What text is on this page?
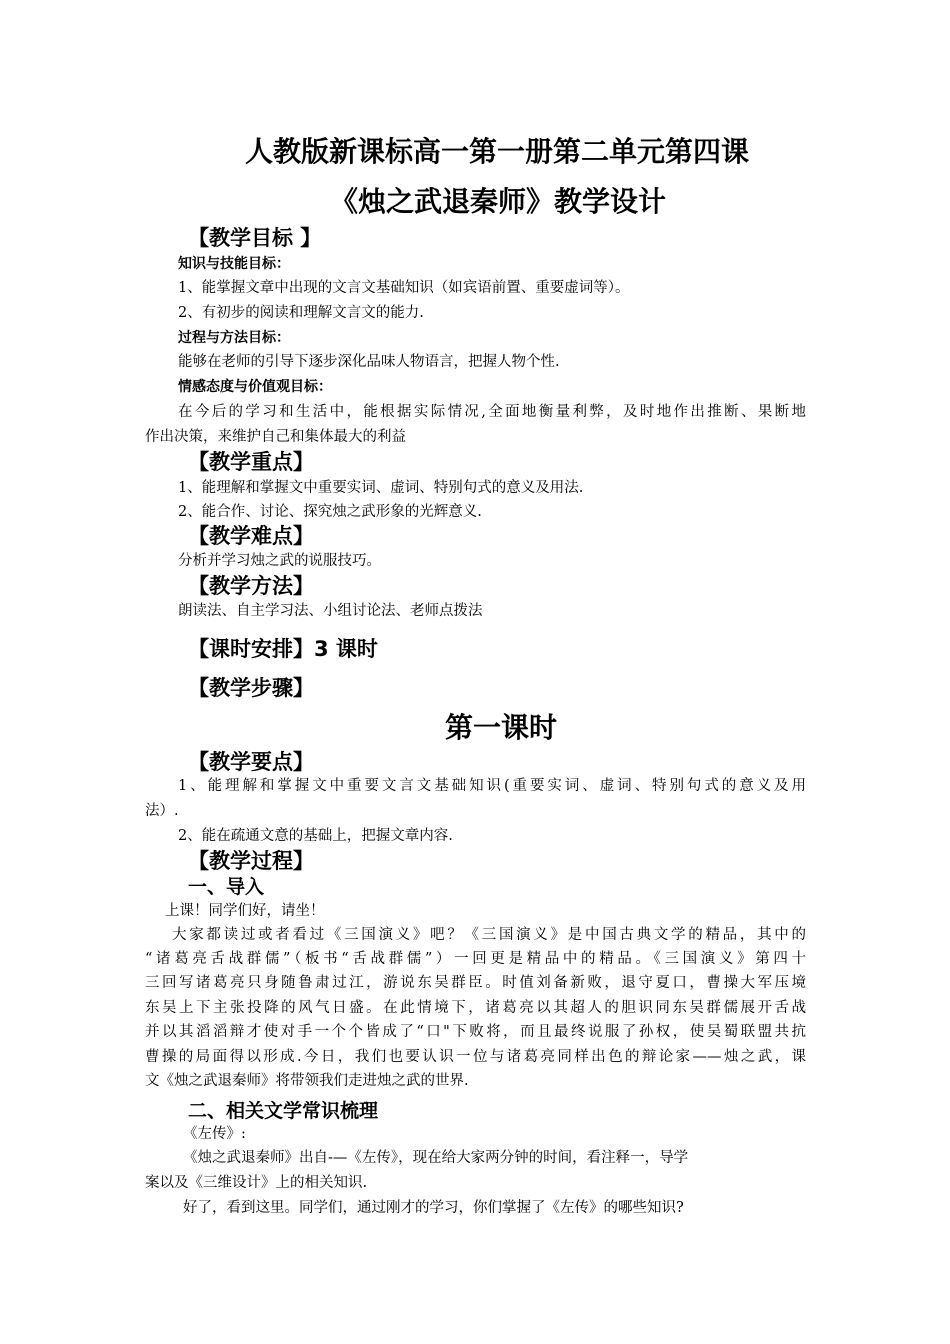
人教版新课标高一第一册第二单元第四课
《烛之武退秦师》教学设计
【教学目标 】
知识与技能目标：
1、能掌握文章中出现的文言文基础知识（如宾语前置、重要虚词等）。
2、有初步的阅读和理解文言文的能力.
过程与方法目标：
能够在老师的引导下逐步深化品味人物语言，把握人物个性.
情感态度与价值观目标：
在今后的学习和生活中，能根据实际情况,全面地衡量利弊，及时地作出推断、果断地
作出决策，来维护自己和集体最大的利益
【教学重点】
1、能理解和掌握文中重要实词、虚词、特别句式的意义及用法.
2、能合作、讨论、探究烛之武形象的光辉意义.
【教学难点】
分析并学习烛之武的说服技巧。
【教学方法】
朗读法、自主学习法、小组讨论法、老师点拨法
【课时安排】3 课时
【教学步骤】
第一课时
【教学要点】
1、能理解和掌握文中重要文言文基础知识(重要实词、虚词、特别句式的意义及用
法）.
2、能在疏通文意的基础上，把握文章内容.
【教学过程】
一、导入
上课！同学们好，请坐！
大家都读过或者看过《三国演义》吧？《三国演义》是中国古典文学的精品，其中的
“诸葛亮舌战群儒”（板书“舌战群儒”）一回更是精品中的精品。《三国演义》第四十
三回写诸葛亮只身随鲁肃过江，游说东吴群臣。时值刘备新败，退守夏口，曹操大军压境
东吴上下主张投降的风气日盛。在此情境下，诸葛亮以其超人的胆识同东吴群儒展开舌战
并以其滔滔辩才使对手一个个皆成了“口"下败将，而且最终说服了孙权，使吴蜀联盟共抗
曹操的局面得以形成.今日，我们也要认识一位与诸葛亮同样出色的辩论家——烛之武，课
文《烛之武退秦师》将带领我们走进烛之武的世界.
二、相关文学常识梳理
《左传》:
《烛之武退秦师》出自-—《左传》，现在给大家两分钟的时间，看注释一，导学
案以及《三维设计》上的相关知识.
好了，看到这里。同学们，通过刚才的学习，你们掌握了《左传》的哪些知识?
